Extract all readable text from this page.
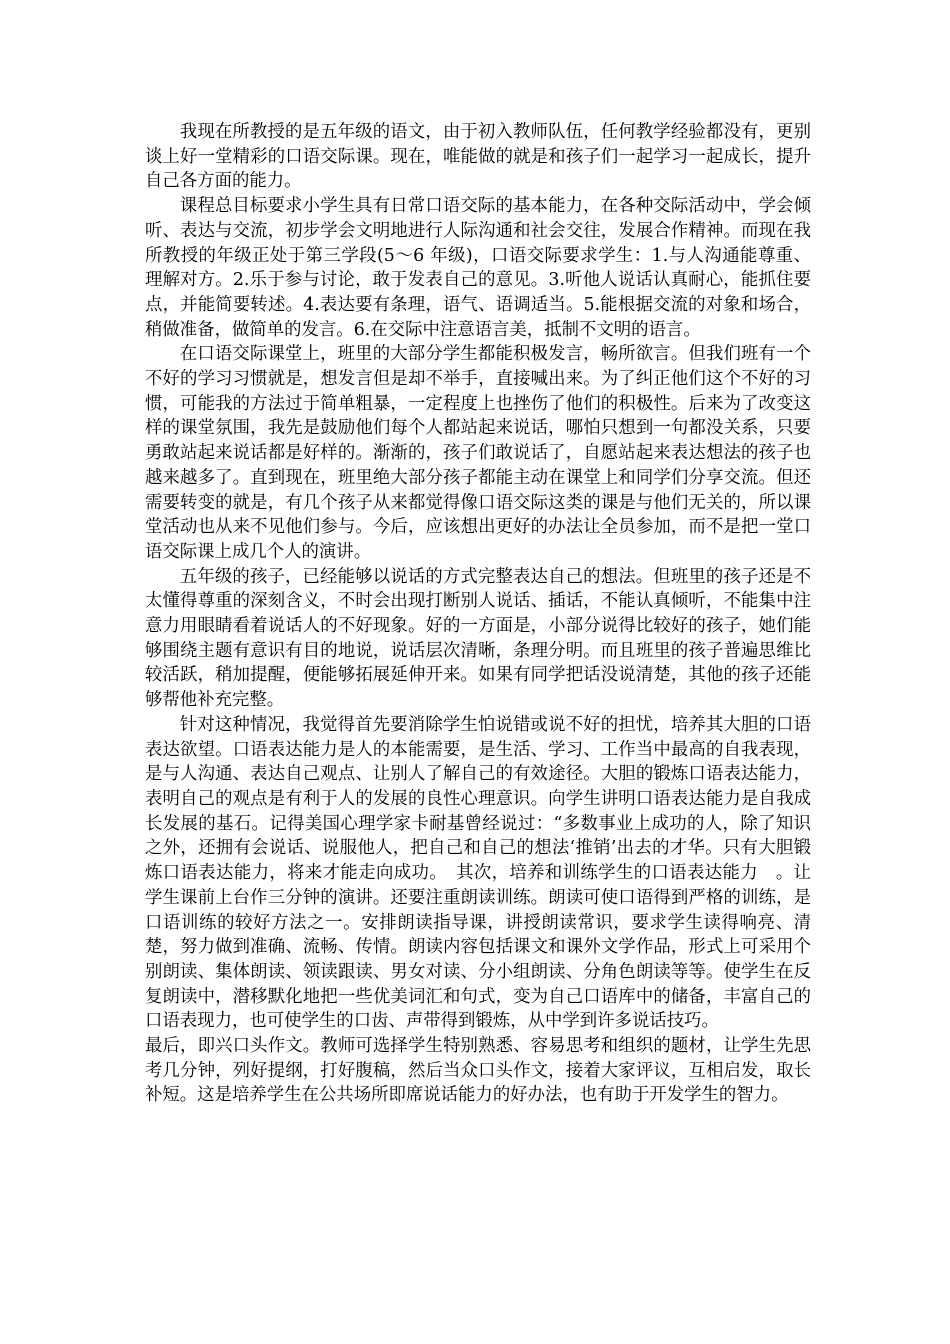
我现在所教授的是五年级的语文，由于初入教师队伍，任何教学经验都没有，更别谈上好一堂精彩的口语交际课。现在，唯能做的就是和孩子们一起学习一起成长，提升自己各方面的能力。

课程总目标要求小学生具有日常口语交际的基本能力，在各种交际活动中，学会倾听、表达与交流，初步学会文明地进行人际沟通和社会交往，发展合作精神。而现在我所教授的年级正处于第三学段(5～6 年级)，口语交际要求学生：1.与人沟通能尊重、理解对方。2.乐于参与讨论，敢于发表自己的意见。3.听他人说话认真耐心，能抓住要点，并能简要转述。4.表达要有条理，语气、语调适当。5.能根据交流的对象和场合，稍做准备，做简单的发言。6.在交际中注意语言美，抵制不文明的语言。

在口语交际课堂上，班里的大部分学生都能积极发言，畅所欲言。但我们班有一个不好的学习习惯就是，想发言但是却不举手，直接喊出来。为了纠正他们这个不好的习惯，可能我的方法过于简单粗暴，一定程度上也挫伤了他们的积极性。后来为了改变这样的课堂氛围，我先是鼓励他们每个人都站起来说话，哪怕只想到一句都没关系，只要勇敢站起来说话都是好样的。渐渐的，孩子们敢说话了，自愿站起来表达想法的孩子也越来越多了。直到现在，班里绝大部分孩子都能主动在课堂上和同学们分享交流。但还需要转变的就是，有几个孩子从来都觉得像口语交际这类的课是与他们无关的，所以课堂活动也从来不见他们参与。今后，应该想出更好的办法让全员参加，而不是把一堂口语交际课上成几个人的演讲。

五年级的孩子，已经能够以说话的方式完整表达自己的想法。但班里的孩子还是不太懂得尊重的深刻含义，不时会出现打断别人说话、插话，不能认真倾听，不能集中注意力用眼睛看着说话人的不好现象。好的一方面是，小部分说得比较好的孩子，她们能够围绕主题有意识有目的地说，说话层次清晰，条理分明。而且班里的孩子普遍思维比较活跃，稍加提醒，便能够拓展延伸开来。如果有同学把话没说清楚，其他的孩子还能够帮他补充完整。

针对这种情况，我觉得首先要消除学生怕说错或说不好的担忧，培养其大胆的口语表达欲望。口语表达能力是人的本能需要，是生活、学习、工作当中最高的自我表现，是与人沟通、表达自己观点、让别人了解自己的有效途径。大胆的锻炼口语表达能力，表明自己的观点是有利于人的发展的良性心理意识。向学生讲明口语表达能力是自我成长发展的基石。记得美国心理学家卡耐基曾经说过：“多数事业上成功的人，除了知识之外，还拥有会说话、说服他人，把自己和自己的想法‘推销’出去的才华。只有大胆锻炼口语表达能力，将来才能走向成功。　其次，培养和训练学生的口语表达能力　。让学生课前上台作三分钟的演讲。还要注重朗读训练。朗读可使口语得到严格的训练，是口语训练的较好方法之一。安排朗读指导课，讲授朗读常识，要求学生读得响亮、清楚，努力做到准确、流畅、传情。朗读内容包括课文和课外文学作品，形式上可采用个别朗读、集体朗读、领读跟读、男女对读、分小组朗读、分角色朗读等等。使学生在反复朗读中，潜移默化地把一些优美词汇和句式，变为自己口语库中的储备，丰富自己的口语表现力，也可使学生的口齿、声带得到锻炼，从中学到许多说话技巧。

最后，即兴口头作文。教师可选择学生特别熟悉、容易思考和组织的题材，让学生先思考几分钟，列好提纲，打好腹稿，然后当众口头作文，接着大家评议，互相启发，取长补短。这是培养学生在公共场所即席说话能力的好办法，也有助于开发学生的智力。
